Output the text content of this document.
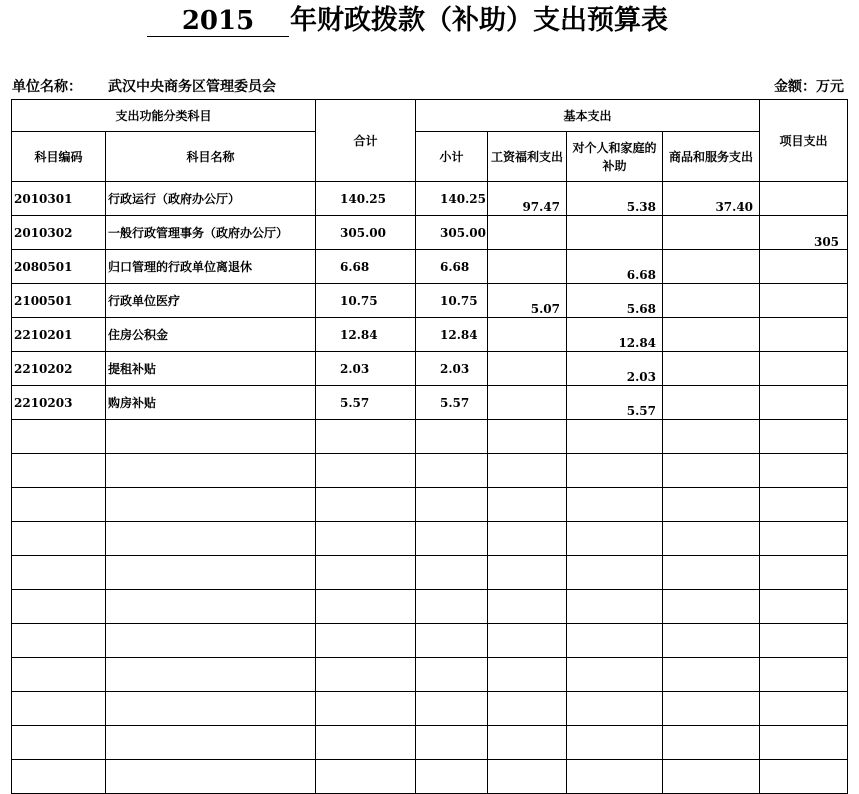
2015	年财政拨款（补助）支出预算表
单位名称： 武汉中央商务区管理委员会	金额：万元
支出功能分类科目		合计	基本支出				项目支出
科目编码	科目名称		小计	工资福利支出	对个人和家庭的补助	商品和服务支出	

2010301	行政运行（政府办公厅）	140.25	140.25	97.47	5.38	37.40	
2010302	一般行政管理事务（政府办公厅）	305.00	305.00				305
2080501	归口管理的行政单位离退休	6.68	6.68		6.68		
2100501	行政单位医疗	10.75	10.75	5.07	5.68		
2210201	住房公积金	12.84	12.84		12.84		
2210202	提租补贴	2.03	2.03		2.03		
2210203	购房补贴	5.57	5.57		5.57		
